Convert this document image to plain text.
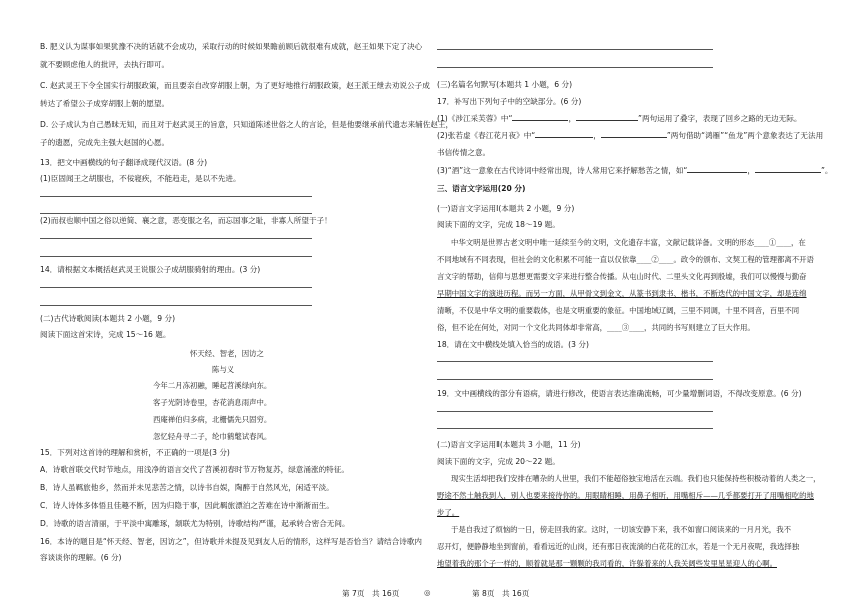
B. 肥义认为谋事如果犹豫不决的话就不会成功，采取行动的时候如果瞻前顾后就很难有成就，赵王如果下定了决心
就不要顾虑他人的批评，去执行即可。
C. 赵武灵王下令全国实行胡服政策，而且要亲自改穿胡服上朝，为了更好地推行胡服政策，赵王派王绁去劝说公子成
转达了希望公子成穿胡服上朝的愿望。
D. 公子成认为自己愚昧无知，而且对于赵武灵王的旨意，只知道陈述世俗之人的言论，但是他要继承前代遗志来辅佐赵王，
子的遗愿，完成先主强大赵国的心愿。
13．把文中画横线的句子翻译成现代汉语。(8 分)
(1)臣固闻王之胡服也，不佞寝疾，不能趋走，是以不先进。
(2)而叔也顺中国之俗以逆简、襄之意，恶变服之名，而忘国事之耻，非寡人所望于子！
14．请根据文本概括赵武灵王说服公子成胡服骑射的理由。(3 分)
(二)古代诗歌阅读(本题共 2 小题，9 分)
阅读下面这首宋诗，完成 15～16 题。
怀天经、智老，因访之
陈与义
今年二月冻初融，睡起苕溪绿向东。
客子光阴诗卷里，杏花消息雨声中。
西庵禅伯归多病，北栅儒先只固穷。
忽忆轻舟寻二子，纶巾鹤氅试春风。
15．下列对这首诗的理解和赏析，不正确的一项是(3 分)
A．诗歌首联交代时节地点，用浅净的语言交代了苕溪初春时节万物复苏，绿意涌涨的特征。
B．诗人虽羁旅他乡，然而并未见悲苦之情，以诗书自娱，陶醉于自然风光，闲适平淡。
C．诗人诗体多体悟且佳趣不断，因为归隐于事，因此羁旅漂泊之苦难在诗中渐渐而生。
D．诗歌的语言清丽，于平淡中寓雕琢，颔联尤为特别，诗歌结构严谨，起承转合密合无间。
16．本诗的题目是“怀天经、智老，因访之”，但诗歌并未提及见到友人后的情形，这样写是否恰当？请结合诗歌内
容谈谈你的理解。(6 分)
第 7页　共 16页	◎
(三)名篇名句默写(本题共 1 小题，6 分)
17．补写出下列句子中的空缺部分。(6 分)
(1)《涉江采芙蓉》中“	，	”两句运用了叠字，表现了回乡之路的无边无际。
(2)张若虚《春江花月夜》中“	，	”两句借助“鸿雁”“鱼龙”两个意象表达了无法用
书信传情之意。
(3)“酒”这一意象在古代诗词中经常出现，诗人常用它来抒解愁苦之情，如“	，	”。
三、语言文字运用(20 分)
(一)语言文字运用Ⅰ(本题共 2 小题，9 分)
阅读下面的文字，完成 18～19 题。
中华文明是世界古老文明中唯一延续至今的文明，文化遗存丰富，文献记载详备。文明的形态____①____，在
不同地域有不同表现，但社会的文化积累不可能一直以仅依靠____②____。政令的颁布、文契工程的管理都离不开语
言文字的帮助，信仰与思想更需要文字来进行整合传播。从屯山时代、二里头文化再到殷墟，我们可以慢慢与勤奋
早期中国文字的演进历程。而另一方面，从甲骨文到金文，从篆书到隶书、楷书，不断迭代的中国文字，却是连绵
清晰，不仅是中华文明的重要载体，也是文明重要的象征。中国地域辽阔，三里不同调，十里不同音，百里不同
俗，但不论在何处，对同一个文化共同体却非常高，____③____，共同的书写则建立了巨大作用。
18．请在文中横线处填入恰当的成语。(3 分)
19．文中画横线的部分有语病，请进行修改，使语言表达准确流畅，可少量增删词语，不得改变原意。(6 分)
(二)语言文字运用Ⅱ(本题共 3 小题，11 分)
阅读下面的文字，完成 20～22 题。
现实生活却把我们安排在嘈杂的人世里，我们不能超俗独宝地活在云端。我们也只能保持些积极动着的人类之一，
野途不然土触我到人，别人也要来接待你的。用眼睛相睡，用鼻子相听，用嘴相斥——几乎都要打开了用嘴相吃的地
步了。
于是自我过了烦恼的一日，傍走回我的家。这时，一切该安静下来，我不如窗口阅读来的一月月光，我不
忍开灯，便静静地坐到窗前，看看远近的山岗，还有那日夜流淌的白花花的江水，若是一个无月夜呢，我选择独
地望着我的那个子一样的，顺着就是那一颗颗的我司看的，许躲着来的人我关阔些发里星星迎人的心啊。
第 8页　共 16页
